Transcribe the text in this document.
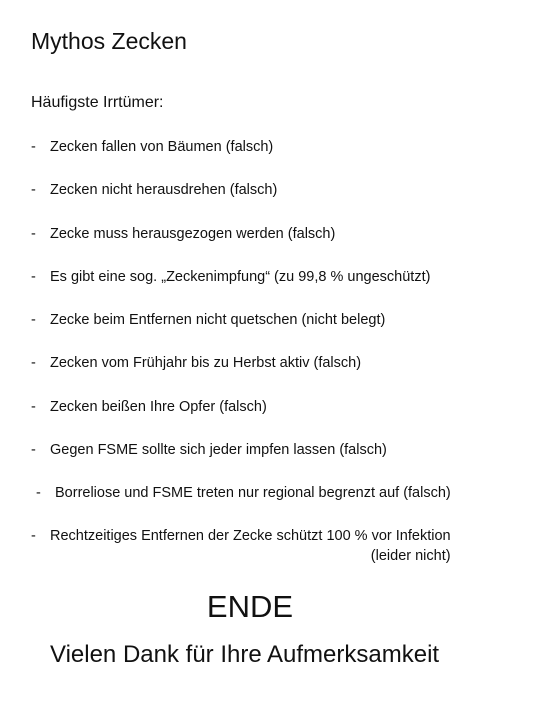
Mythos Zecken
Häufigste Irrtümer:
- Zecken fallen von Bäumen (falsch)
- Zecken nicht herausdrehen (falsch)
- Zecke muss herausgezogen werden (falsch)
- Es gibt eine sog. „Zeckenimpfung“ (zu 99,8 % ungeschützt)
- Zecke beim Entfernen nicht quetschen (nicht belegt)
- Zecken vom Frühjahr bis zu Herbst aktiv (falsch)
- Zecken beißen Ihre Opfer (falsch)
- Gegen FSME sollte sich jeder impfen lassen (falsch)
- Borreliose und FSME treten nur regional begrenzt auf (falsch)
- Rechtzeitiges Entfernen der Zecke schützt 100 % vor Infektion
(leider nicht)
ENDE
Vielen Dank für Ihre Aufmerksamkeit
